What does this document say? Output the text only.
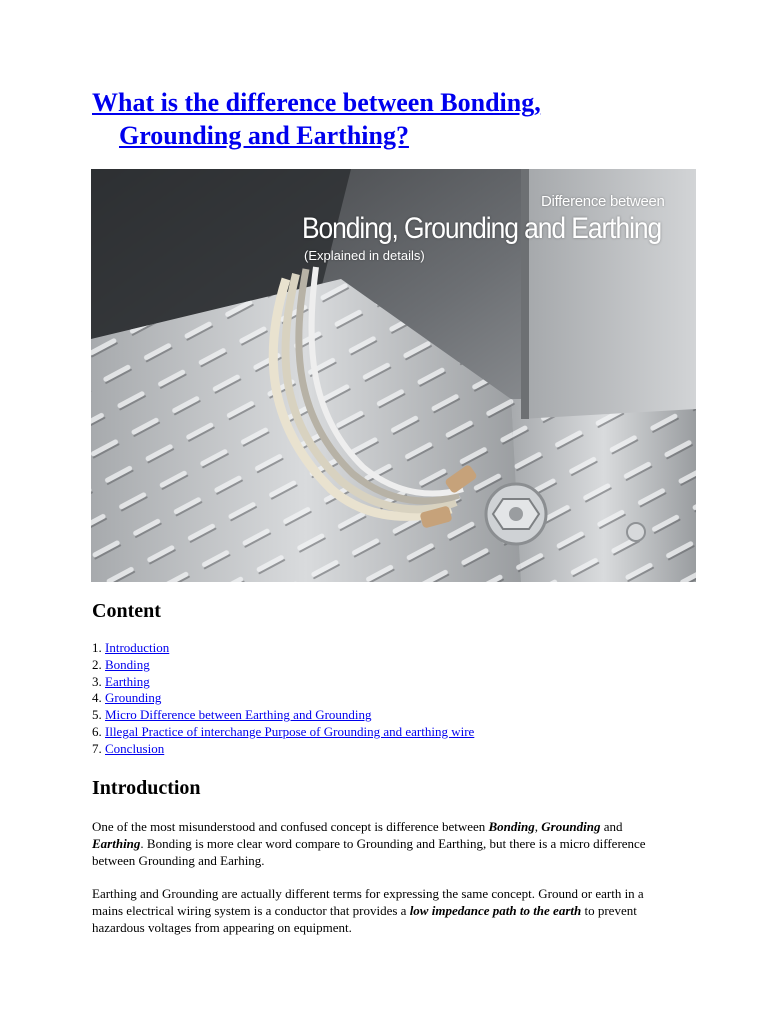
What is the difference between Bonding,
Grounding and Earthing?
Difference between
Bonding, Grounding and Earthing
(Explained in details)
Content
1. Introduction
2. Bonding
3. Earthing
4. Grounding
5. Micro Difference between Earthing and Grounding
6. Illegal Practice of interchange Purpose of Grounding and earthing wire
7. Conclusion
Introduction

One of the most misunderstood and confused concept is difference between Bonding, Grounding and Earthing. Bonding is more clear word compare to Grounding and Earthing, but there is a micro difference between Grounding and Earhing.

Earthing and Grounding are actually different terms for expressing the same concept. Ground or earth in a mains electrical wiring system is a conductor that provides a low impedance path to the earth to prevent hazardous voltages from appearing on equipment.
